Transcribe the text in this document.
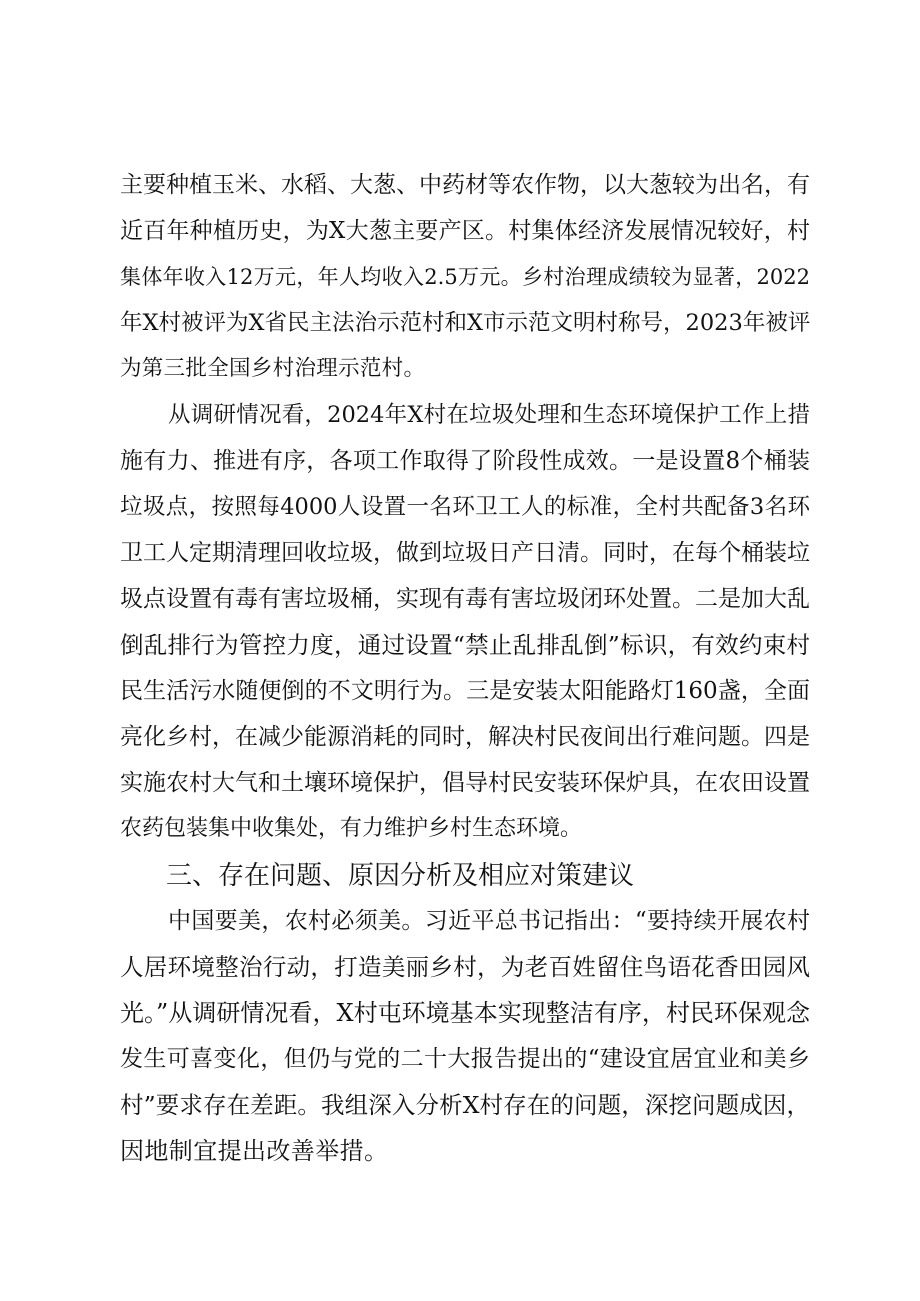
主要种植玉米、水稻、大葱、中药材等农作物，以大葱较为出名，有
近百年种植历史，为X大葱主要产区。村集体经济发展情况较好，村
集体年收入12万元，年人均收入2.5万元。乡村治理成绩较为显著，2022
年X村被评为X省民主法治示范村和X市示范文明村称号，2023年被评
为第三批全国乡村治理示范村。
从调研情况看，2024年X村在垃圾处理和生态环境保护工作上措
施有力、推进有序，各项工作取得了阶段性成效。一是设置8个桶装
垃圾点，按照每4000人设置一名环卫工人的标准，全村共配备3名环
卫工人定期清理回收垃圾，做到垃圾日产日清。同时，在每个桶装垃
圾点设置有毒有害垃圾桶，实现有毒有害垃圾闭环处置。二是加大乱
倒乱排行为管控力度，通过设置“禁止乱排乱倒”标识，有效约束村
民生活污水随便倒的不文明行为。三是安装太阳能路灯160盏，全面
亮化乡村，在减少能源消耗的同时，解决村民夜间出行难问题。四是
实施农村大气和土壤环境保护，倡导村民安装环保炉具，在农田设置
农药包装集中收集处，有力维护乡村生态环境。
三、存在问题、原因分析及相应对策建议
中国要美，农村必须美。习近平总书记指出：“要持续开展农村
人居环境整治行动，打造美丽乡村，为老百姓留住鸟语花香田园风
光。”从调研情况看，X村屯环境基本实现整洁有序，村民环保观念
发生可喜变化，但仍与党的二十大报告提出的“建设宜居宜业和美乡
村”要求存在差距。我组深入分析X村存在的问题，深挖问题成因，
因地制宜提出改善举措。
